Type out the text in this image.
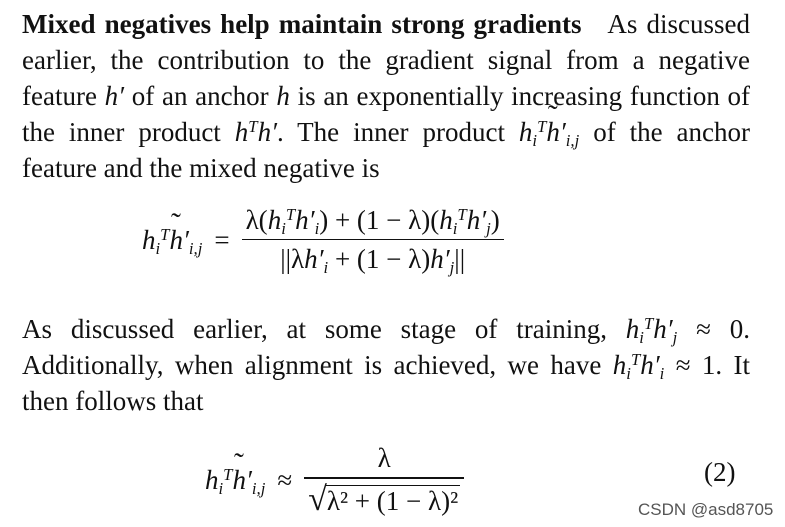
Mixed negatives help maintain strong gradients As discussed earlier, the contribution to the gradient signal from a negative feature h′ of an anchor h is an exponentially increasing function of the inner product $h^Th'$. The inner product $h_i^T˜$ $h'_{i,j}$ of the anchor feature and the mixed negative is
$h_i^T˜$ $h'_{i,j} = \frac{\lambda(h_i^Th'_i) + (1 - \lambda)(h_i^Th'_j)}{||\lambda h'_i + (1 - \lambda)h'_j||}$
As discussed earlier, at some stage of training, $h_i^Th'_j \approx 0$. Additionally, when alignment is achieved, we have $h_i^Th'_i \approx 1$. It then follows that
$h_i^T˜$ $h'_{i,j} \approx \frac{\lambda}{\text{√ λ² + (1 − λ)²}}$	(2)
CSDN @asd8705
